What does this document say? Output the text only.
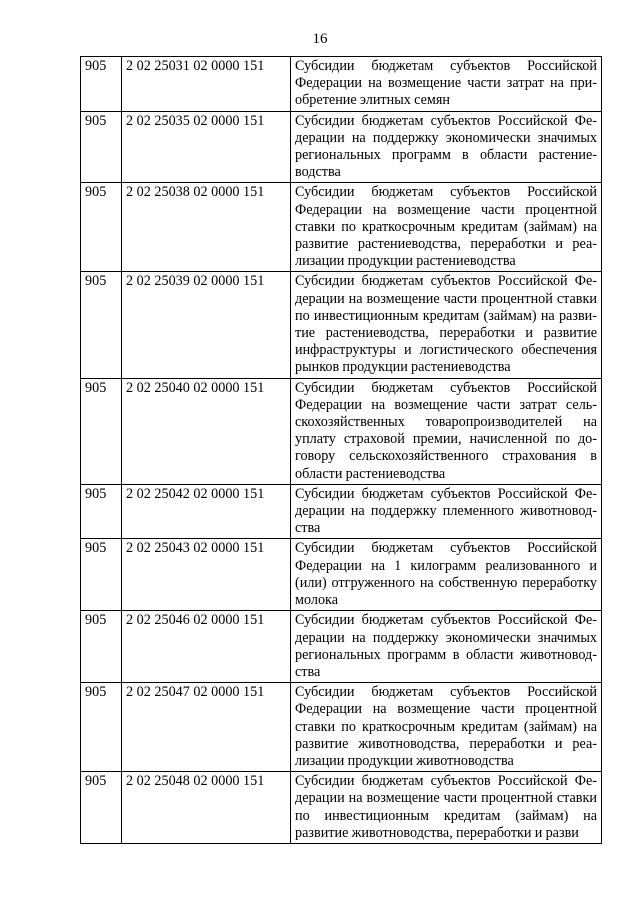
16
905	2 02 25031 02 0000 151	Субсидии бюджетам субъектов Российской Федерации на возмещение части затрат на приобретение элитных семян
905	2 02 25035 02 0000 151	Субсидии бюджетам субъектов Российской Федерации на поддержку экономически значимых региональных программ в области растениеводства
905	2 02 25038 02 0000 151	Субсидии бюджетам субъектов Российской Федерации на возмещение части процентной ставки по краткосрочным кредитам (займам) на развитие растениеводства, переработки и реализации продукции растениеводства
905	2 02 25039 02 0000 151	Субсидии бюджетам субъектов Российской Федерации на возмещение части процентной ставки по инвестиционным кредитам (займам) на развитие растениеводства, переработки и развитие инфраструктуры и логистического обеспечения рынков продукции растениеводства
905	2 02 25040 02 0000 151	Субсидии бюджетам субъектов Российской Федерации на возмещение части затрат сельскохозяйственных товаропроизводителей на уплату страховой премии, начисленной по договору сельскохозяйственного страхования в области растениеводства
905	2 02 25042 02 0000 151	Субсидии бюджетам субъектов Российской Федерации на поддержку племенного животноводства
905	2 02 25043 02 0000 151	Субсидии бюджетам субъектов Российской Федерации на 1 килограмм реализованного и (или) отгруженного на собственную переработку молока
905	2 02 25046 02 0000 151	Субсидии бюджетам субъектов Российской Федерации на поддержку экономически значимых региональных программ в области животноводства
905	2 02 25047 02 0000 151	Субсидии бюджетам субъектов Российской Федерации на возмещение части процентной ставки по краткосрочным кредитам (займам) на развитие животноводства, переработки и реализации продукции животноводства
905	2 02 25048 02 0000 151	Субсидии бюджетам субъектов Российской Федерации на возмещение части процентной ставки по инвестиционным кредитам (займам) на развитие животноводства, переработки и разви
